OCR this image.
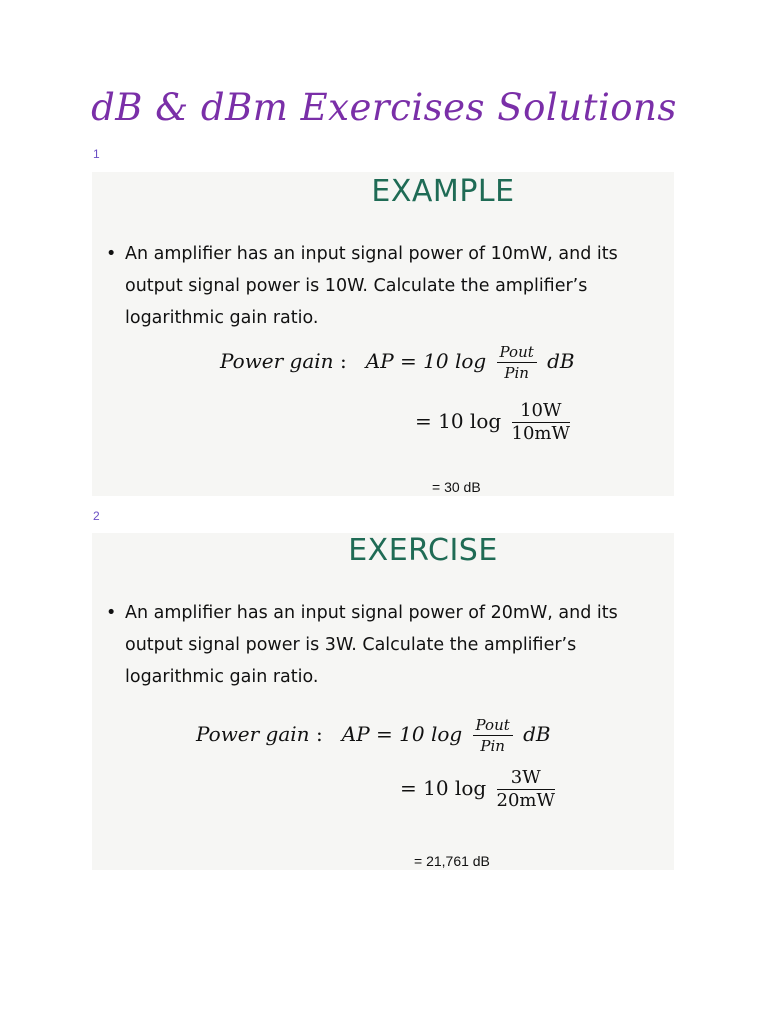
dB & dBm Exercises Solutions
1
EXAMPLE
• An amplifier has an input signal power of 10mW, and its output signal power is 10W. Calculate the amplifier’s logarithmic gain ratio.
Power gain : AP = 10 $\log \frac{\text{Pout}}{\text{Pin}}$ dB
= 10 $\log \frac{10W}{10mW}$
= 30 dB
2
EXERCISE
• An amplifier has an input signal power of 20mW, and its output signal power is 3W. Calculate the amplifier’s logarithmic gain ratio.
Power gain : AP = 10 $\log \frac{\text{Pout}}{\text{Pin}}$ dB
= 10 $\log \frac{3W}{20mW}$
= 21,761 dB
